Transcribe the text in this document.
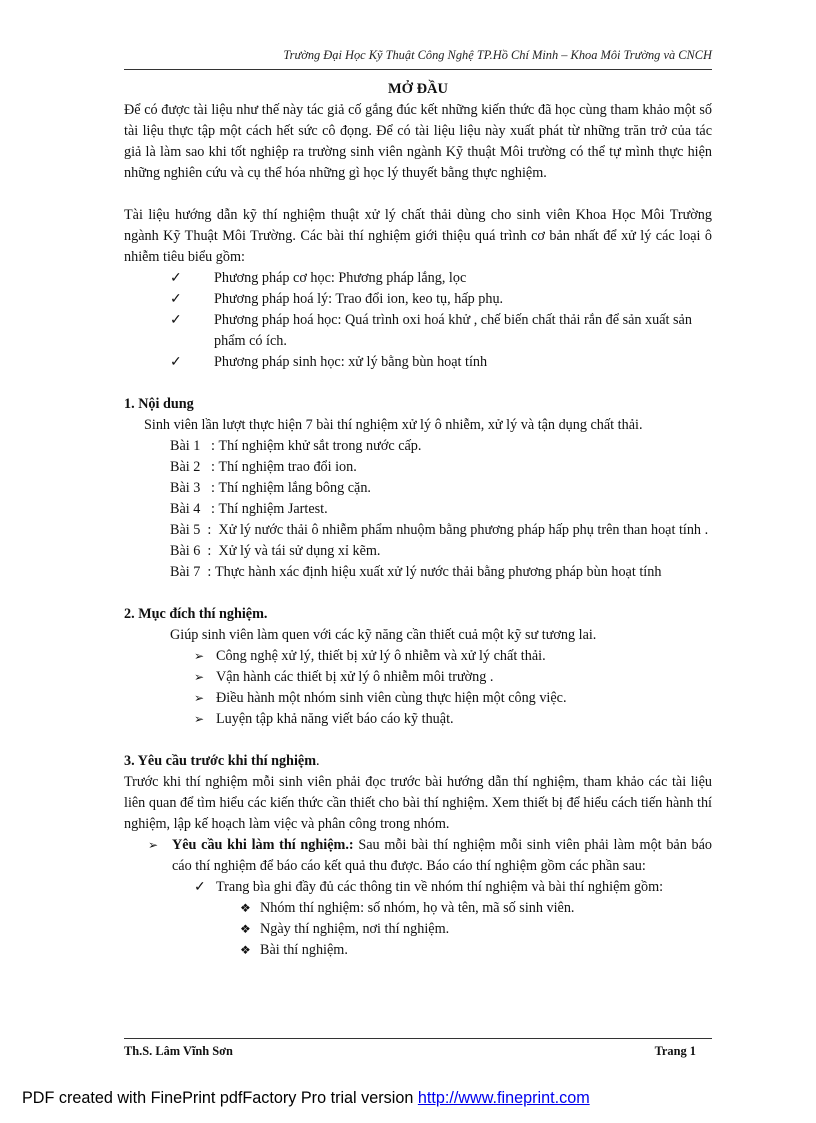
Trường Đại Học Kỹ Thuật Công Nghệ TP.Hồ Chí Minh – Khoa Môi Trường và CNCH

MỞ ĐẦU

Để có được tài liệu như thế này tác giả cố gắng đúc kết những kiến thức đã học cùng tham khảo một số tài liệu thực tập một cách hết sức cô đọng. Để có tài liệu liệu này xuất phát từ những trăn trở của tác giả là làm sao khi tốt nghiệp ra trường sinh viên ngành Kỹ thuật Môi trường có thể tự mình thực hiện những nghiên cứu và cụ thể hóa những gì học lý thuyết bằng thực nghiệm.

Tài liệu hướng dẫn kỹ thí nghiệm thuật xử lý chất thải dùng cho sinh viên Khoa Học Môi Trường ngành Kỹ Thuật Môi Trường. Các bài thí nghiệm giới thiệu quá trình cơ bản nhất để xử lý các loại ô nhiễm tiêu biểu gồm:

✓ Phương pháp cơ học: Phương pháp lắng, lọc
✓ Phương pháp hoá lý: Trao đổi ion, keo tụ, hấp phụ.
✓ Phương pháp hoá học: Quá trình oxi hoá khử , chế biến chất thải rắn để sản xuất sản phẩm có ích.
✓ Phương pháp sinh học: xử lý bằng bùn hoạt tính

1. Nội dung

Sinh viên lần lượt thực hiện 7 bài thí nghiệm xử lý ô nhiễm, xử lý và tận dụng chất thải.

Bài 1   : Thí nghiệm khử sắt trong nước cấp.
Bài 2   : Thí nghiệm trao đổi ion.
Bài 3   : Thí nghiệm lắng bông cặn.
Bài 4   : Thí nghiệm Jartest.
Bài 5  : Xử lý nước thải ô nhiễm phẩm nhuộm bằng phương pháp hấp phụ trên than hoạt tính .
Bài 6  : Xử lý và tái sử dụng xỉ kẽm.
Bài 7  : Thực hành xác định hiệu xuất xử lý nước thải bằng phương pháp bùn hoạt tính

2. Mục đích thí nghiệm.

Giúp sinh viên làm quen với các kỹ năng cần thiết cuả một kỹ sư tương lai.

➢ Công nghệ xử lý, thiết bị xử lý ô nhiễm và xử lý chất thải.
➢ Vận hành các thiết bị xử lý ô nhiễm môi trường .
➢ Điều hành một nhóm sinh viên cùng thực hiện một công việc.
➢ Luyện tập khả năng viết báo cáo kỹ thuật.

3. Yêu cầu trước khi thí nghiệm.

Trước khi thí nghiệm mỗi sinh viên phải đọc trước bài hướng dẫn thí nghiệm, tham khảo các tài liệu liên quan để tìm hiểu các kiến thức cần thiết cho bài thí nghiệm. Xem thiết bị để hiểu cách tiến hành thí nghiệm, lập kế hoạch làm việc và phân công trong nhóm.

➢ Yêu cầu khi làm thí nghiệm.: Sau mỗi bài thí nghiệm mỗi sinh viên phải làm một bản báo cáo thí nghiệm để báo cáo kết quả thu được. Báo cáo thí nghiệm gồm các phần sau:
✓ Trang bìa ghi đầy đủ các thông tin về nhóm thí nghiệm và bài thí nghiệm gồm:
❖ Nhóm thí nghiệm: số nhóm, họ và tên, mã số sinh viên.
❖ Ngày thí nghiệm, nơi thí nghiệm.
❖ Bài thí nghiệm.
Th.S. Lâm Vĩnh Sơn	Trang 1
PDF created with FinePrint pdfFactory Pro trial version http://www.fineprint.com
